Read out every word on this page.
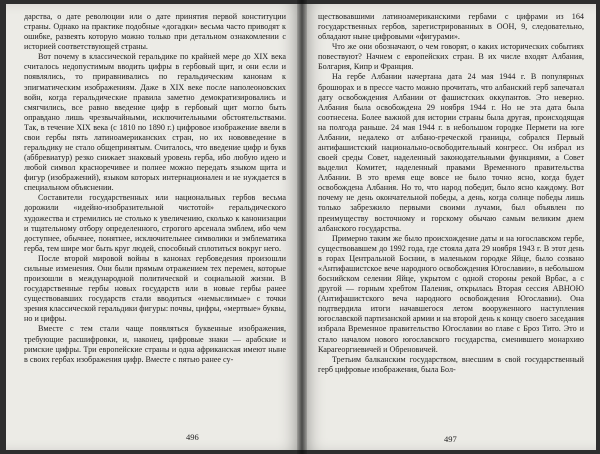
дарства, о дате революции или о дате принятия первой конституции страны. Однако на практике подобные «догадки» весьма часто приводят к ошибке, развеять которую можно только при детальном ознакомлении с историей соответствующей страны.

Вот почему в классической геральдике по крайней мере до XIX века считалось недопустимым вводить цифры в гербовый щит, и они если и появлялись, то приравнивались по геральдическим канонам к эпигматическим изображениям. Даже в XIX веке после наполеоновских войн, когда геральдические правила заметно демократизировались и смягчились, все равно введение цифр в гербовый щит могло быть оправдано лишь чрезвычайными, исключительными обстоятельствами. Так, в течение XIX века (с 1810 по 1890 г.) цифровое изображение ввели в свои гербы пять латиноамериканских стран, но их нововведение в геральдику не стало общепринятым. Считалось, что введение цифр и букв (аббревиатур) резко снижает знаковый уровень герба, ибо любую идею и любой символ красноречивее и полнее можно передать языком щита и фигур (изображений), языком которых интернационален и не нуждается в специальном объяснении.

Составители государственных или национальных гербов весьма дорожили «идейно-изобразительной чистотой» геральдического художества и стремились не столько к увеличению, сколько к канонизации и тщательному отбору определенного, строгого арсенала эмблем, ибо чем доступнее, обычнее, понятнее, исключительнее символики и эмблематика герба, тем шире мог быть круг людей, способный сплотиться вокруг него.

После второй мировой войны в канонах гербоведения произошли сильные изменения. Они были прямым отражением тех перемен, которые произошли в международной политической и социальной жизни. В государственные гербы новых государств или в новые гербы ранее существовавших государств стали вводиться «немыслимые» с точки зрения классической геральдики фигуры: почвы, цифры, «мертвые» буквы, но и цифры.

Вместе с тем стали чаще появляться буквенные изображения, требующие расшифровки, и, наконец, цифровые знаки — арабские и римские цифры. Три европейские страны и одна африканская имеют ныне в своих гербах изображения цифр. Вместе с пятью ранее су-

496

ществовавшими латиноамериканскими гербами с цифрами из 164 государственных гербов, зарегистрированных в ООН, 9, следовательно, обладают ныне цифровыми «фигурами».

Что же они обозначают, о чем говорят, о каких исторических событиях повествуют? Начнем с европейских стран. В их числе входят Албания, Болгария, Кипр и Франция.

На гербе Албании начертана дата 24 мая 1944 г. В популярных брошюрах и в прессе часто можно прочитать, что албанский герб запечатал дату освобождения Албании от фашистских оккупантов. Это неверно. Албания была освобождена 29 ноября 1944 г. Но не эта дата была соотнесена. Более важной для истории страны была другая, происходящая на полгода раньше. 24 мая 1944 г. в небольшом городке Пермети на юге Албании, недалеко от албано-греческой границы, собрался Первый антифашистский национально-освободительный конгресс. Он избрал из своей среды Совет, наделенный законодательными функциями, а Совет выделил Комитет, наделенный правами Временного правительства Албании. В это время еще вовсе не было точно ясно, когда будет освобождена Албания. Но то, что народ победит, было ясно каждому. Вот почему не день окончательной победы, а день, когда солнце победы лишь только забрезжило первыми своими лучами, был объявлен по преимуществу восточному и горскому обычаю самым великим днем албанского государства.

Примерно таким же было происхождение даты и на югославском гербе, существовавшем до 1992 года, где стояла дата 29 ноября 1943 г. В этот день в горах Центральной Боснии, в маленьком городке Яйце, было созвано «Антифашистское вече народного освобождения Югославии», в небольшом боснийском селении Яйце, укрытом с одной стороны рекой Врбас, а с другой — горным хребтом Паленик, открылась Вторая сессия АВНОЮ (Антифашистского веча народного освобождения Югославии). Она подтвердила итоги начавшегося летом вооруженного наступления югославской партизанской армии и на второй день к концу своего заседания избрала Временное правительство Югославии во главе с Броз Тито. Это и стало началом нового югославского государства, сменившего монархию Карагеоргиевичей и Обреновичей.

Третьим балканским государством, внесшим в свой государственный герб цифровые изображения, была Бол-

497
